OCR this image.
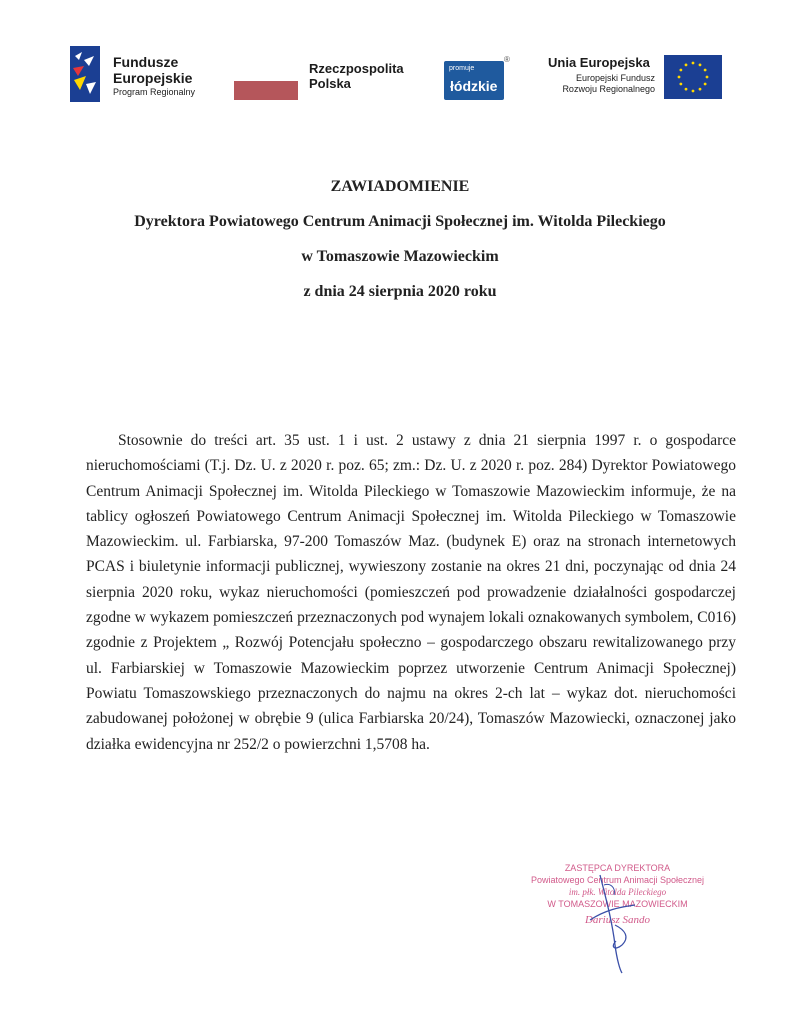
Fundusze
Europejskie
Program Regionalny
Rzeczpospolita
Polska
promuje
łódzkie
®	Unia Europejska
Europejski Fundusz
Rozwoju Regionalnego
ZAWIADOMIENIE
Dyrektora Powiatowego Centrum Animacji Społecznej im. Witolda Pileckiego
w Tomaszowie Mazowieckim
z dnia 24 sierpnia 2020 roku

Stosownie do treści art. 35 ust. 1 i ust. 2 ustawy z dnia 21 sierpnia 1997 r. o gospodarce nieruchomościami (T.j. Dz. U. z 2020 r. poz. 65; zm.: Dz. U. z 2020 r. poz. 284) Dyrektor Powiatowego Centrum Animacji Społecznej im. Witolda Pileckiego w Tomaszowie Mazowieckim informuje, że na tablicy ogłoszeń Powiatowego Centrum Animacji Społecznej im. Witolda Pileckiego w Tomaszowie Mazowieckim. ul. Farbiarska, 97-200 Tomaszów Maz. (budynek E) oraz na stronach internetowych PCAS i biuletynie informacji publicznej, wywieszony zostanie na okres 21 dni, poczynając od dnia 24 sierpnia 2020 roku, wykaz nieruchomości (pomieszczeń pod prowadzenie działalności gospodarczej zgodne w wykazem pomieszczeń przeznaczonych pod wynajem lokali oznakowanych symbolem, C016) zgodnie z Projektem „ Rozwój Potencjału społeczno – gospodarczego obszaru rewitalizowanego przy ul. Farbiarskiej w Tomaszowie Mazowieckim poprzez utworzenie Centrum Animacji Społecznej) Powiatu Tomaszowskiego przeznaczonych do najmu na okres 2-ch lat – wykaz dot. nieruchomości zabudowanej położonej w obrębie 9 (ulica Farbiarska 20/24), Tomaszów Mazowiecki, oznaczonej jako działka ewidencyjna nr 252/2 o powierzchni 1,5708 ha.

ZASTĘPCA DYREKTORA
Powiatowego Centrum Animacji Społecznej
im. płk. Witolda Pileckiego
W TOMASZOWIE MAZOWIECKIM
Dariusz Sando
